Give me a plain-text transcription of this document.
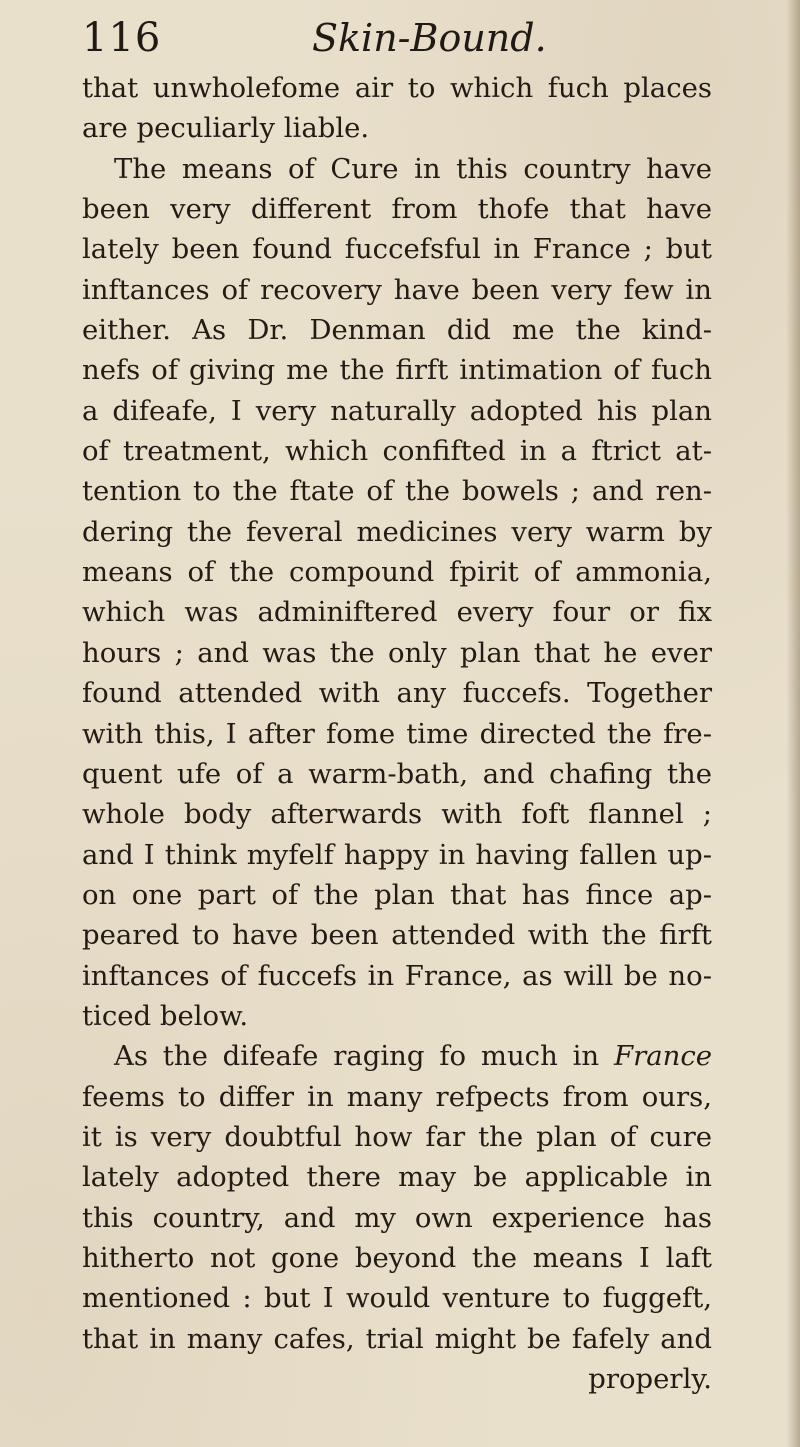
116	Skin-Bound.
that unwholefome air to which fuch places
are peculiarly liable.
The means of Cure in this country have
been very different from thofe that have
lately been found fuccefsful in France ; but
inftances of recovery have been very few in
either. As Dr. Denman did me the kind-
nefs of giving me the firft intimation of fuch
a difeafe, I very naturally adopted his plan
of treatment, which confifted in a ftrict at-
tention to the ftate of the bowels ; and ren-
dering the feveral medicines very warm by
means of the compound fpirit of ammonia,
which was adminiftered every four or fix
hours ; and was the only plan that he ever
found attended with any fuccefs. Together
with this, I after fome time directed the fre-
quent ufe of a warm-bath, and chafing the
whole body afterwards with foft flannel ;
and I think myfelf happy in having fallen up-
on one part of the plan that has fince ap-
peared to have been attended with the firft
inftances of fuccefs in France, as will be no-
ticed below.
As the difeafe raging fo much in France
feems to differ in many refpects from ours,
it is very doubtful how far the plan of cure
lately adopted there may be applicable in
this country, and my own experience has
hitherto not gone beyond the means I laft
mentioned : but I would venture to fuggeft,
that in many cafes, trial might be fafely and
properly.
